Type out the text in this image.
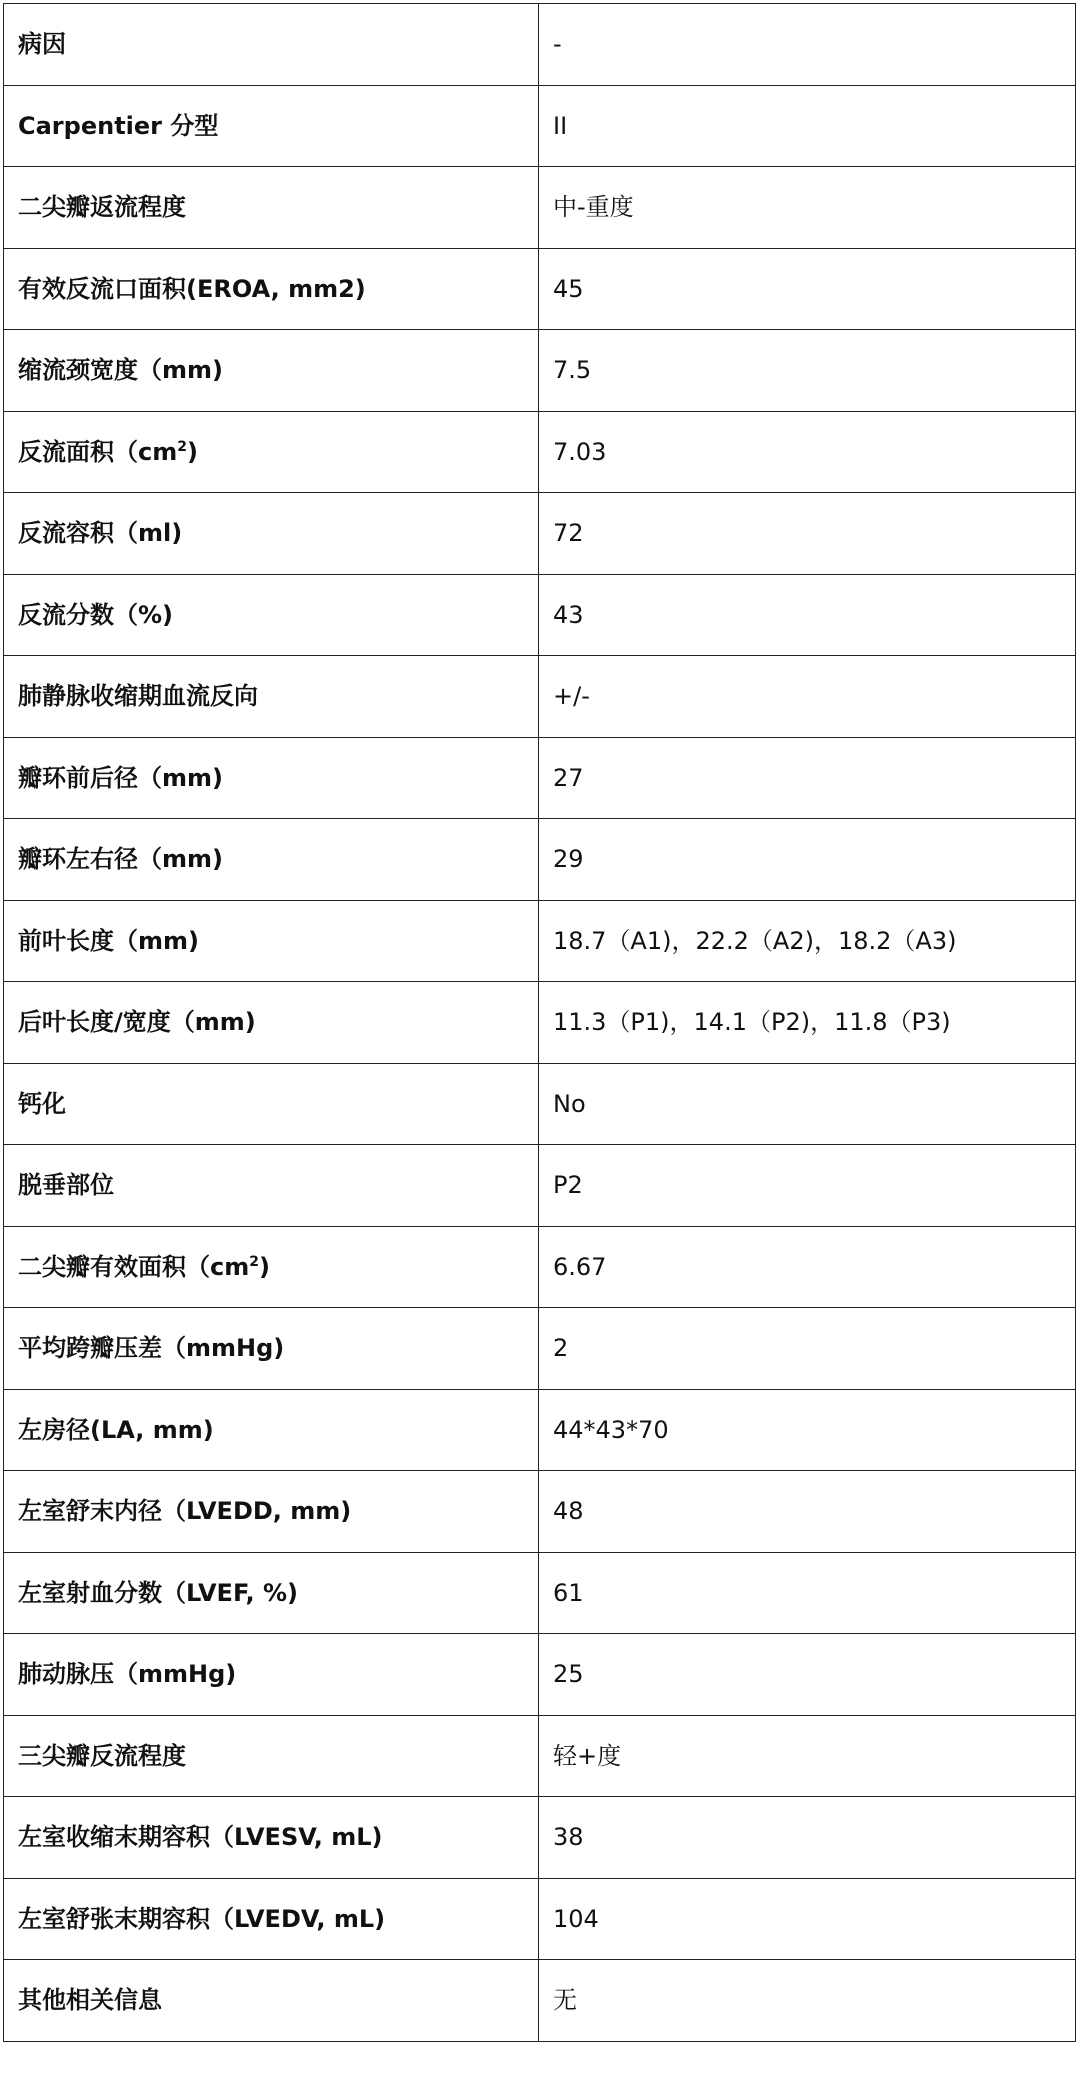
病因	-
Carpentier 分型	II
二尖瓣返流程度	中-重度
有效反流口面积(EROA, mm2)	45
缩流颈宽度（mm)	7.5
反流面积$(cm^2)$	7.03
反流容积（ml)	72
反流分数（%)	43
肺静脉收缩期血流反向	+/-
瓣环前后径（mm)	27
瓣环左右径（mm)	29
前叶长度（mm)	18.7（A1)，22.2（A2)，18.2（A3)
后叶长度/宽度（mm)	11.3（P1)，14.1（P2)，11.8（P3)
钙化	No
脱垂部位	P2
二尖瓣有效面积$(cm^2)$	6.67
平均跨瓣压差（mmHg)	2
左房径(LA, mm)	44*43*70
左室舒末内径（LVEDD, mm)	48
左室射血分数（LVEF, %)	61
肺动脉压（mmHg)	25
三尖瓣反流程度	轻+度
左室收缩末期容积（LVESV, mL)	38
左室舒张末期容积（LVEDV, mL)	104
其他相关信息	无
